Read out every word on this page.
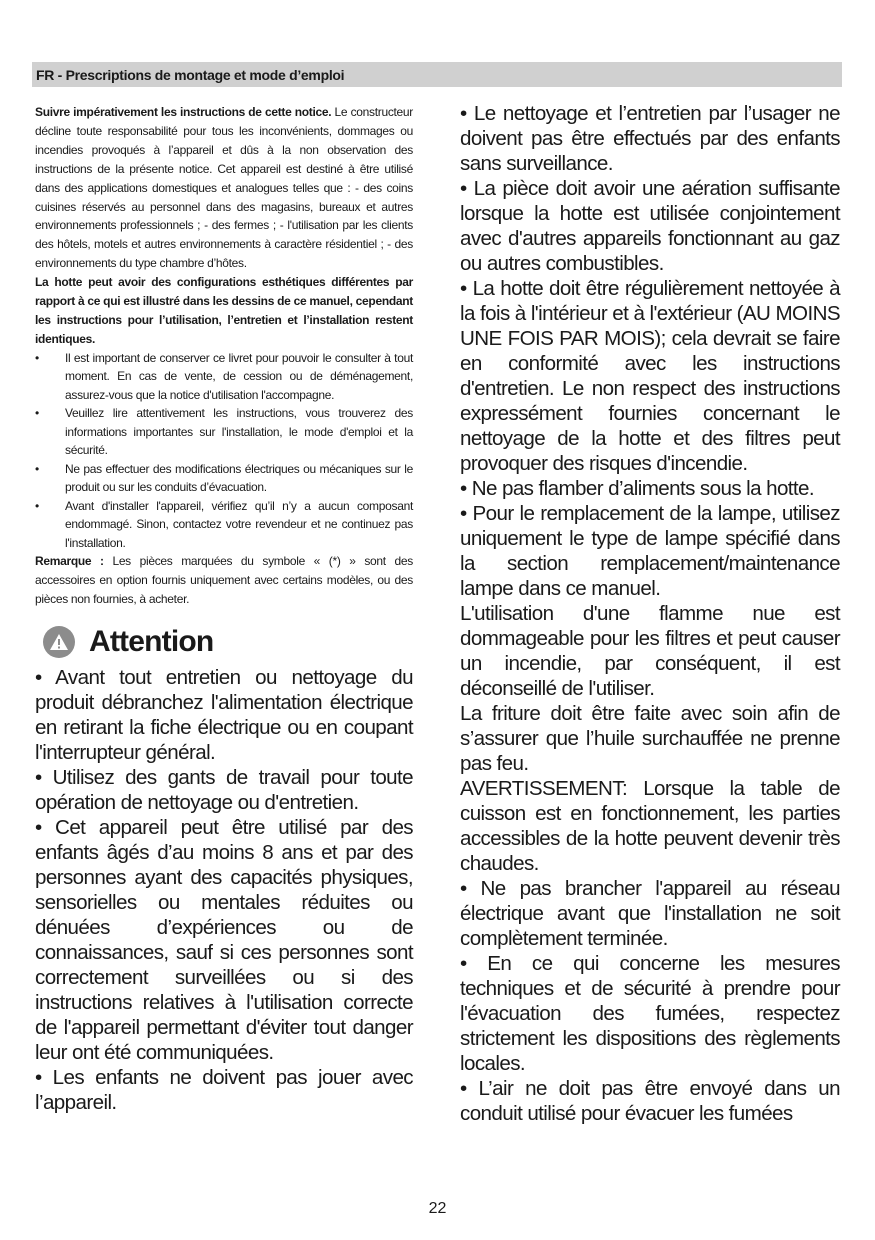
FR - Prescriptions de montage et mode d’emploi

Suivre impérativement les instructions de cette notice. Le constructeur décline toute responsabilité pour tous les inconvénients, dommages ou incendies provoqués à l’appareil et dûs à la non observation des instructions de la présente notice. Cet appareil est destiné à être utilisé dans des applications domestiques et analogues telles que : - des coins cuisines réservés au personnel dans des magasins, bureaux et autres environnements professionnels ; - des fermes ; - l'utilisation par les clients des hôtels, motels et autres environnements à caractère résidentiel ; - des environnements du type chambre d’hôtes.

La hotte peut avoir des configurations esthétiques différentes par rapport à ce qui est illustré dans les dessins de ce manuel, cependant les instructions pour l’utilisation, l’entretien et l’installation restent identiques.

• Il est important de conserver ce livret pour pouvoir le consulter à tout moment. En cas de vente, de cession ou de déménagement, assurez-vous que la notice d'utilisation l'accompagne.
• Veuillez lire attentivement les instructions, vous trouverez des informations importantes sur l'installation, le mode d'emploi et la sécurité.
• Ne pas effectuer des modifications électriques ou mécaniques sur le produit ou sur les conduits d’évacuation.
• Avant d'installer l'appareil, vérifiez qu’il n’y a aucun composant endommagé. Sinon, contactez votre revendeur et ne continuez pas l'installation.

Remarque : Les pièces marquées du symbole « (*) » sont des accessoires en option fournis uniquement avec certains modèles, ou des pièces non fournies, à acheter.

Attention

• Avant tout entretien ou nettoyage du produit débranchez l'alimentation électrique en retirant la fiche électrique ou en coupant l'interrupteur général.

• Utilisez des gants de travail pour toute opération de nettoyage ou d'entretien.

• Cet appareil peut être utilisé par des enfants âgés d’au moins 8 ans et par des personnes ayant des capacités physiques, sensorielles ou mentales réduites ou dénuées d’expériences ou de connaissances, sauf si ces personnes sont correctement surveillées ou si des instructions relatives à l'utilisation correcte de l'appareil permettant d'éviter tout danger leur ont été communiquées.

• Les enfants ne doivent pas jouer avec l’appareil.

• Le nettoyage et l’entretien par l’usager ne doivent pas être effectués par des enfants sans surveillance.
• La pièce doit avoir une aération suffisante lorsque la hotte est utilisée conjointement avec d'autres appareils fonctionnant au gaz ou autres combustibles.
• La hotte doit être régulièrement nettoyée à la fois à l'intérieur et à l'extérieur (AU MOINS UNE FOIS PAR MOIS); cela devrait se faire en conformité avec les instructions d'entretien. Le non respect des instructions expressément fournies concernant le nettoyage de la hotte et des filtres peut provoquer des risques d'incendie.
• Ne pas flamber d’aliments sous la hotte.
• Pour le remplacement de la lampe, utilisez uniquement le type de lampe spécifié dans la section remplacement/maintenance lampe dans ce manuel.
L'utilisation d'une flamme nue est dommageable pour les filtres et peut causer un incendie, par conséquent, il est déconseillé de l'utiliser.
La friture doit être faite avec soin afin de s’assurer que l’huile surchauffée ne prenne pas feu.
AVERTISSEMENT: Lorsque la table de cuisson est en fonctionnement, les parties accessibles de la hotte peuvent devenir très chaudes.
• Ne pas brancher l'appareil au réseau électrique avant que l'installation ne soit complètement terminée.
• En ce qui concerne les mesures techniques et de sécurité à prendre pour l'évacuation des fumées, respectez strictement les dispositions des règlements locales.
• L’air ne doit pas être envoyé dans un conduit utilisé pour évacuer les fumées
22
